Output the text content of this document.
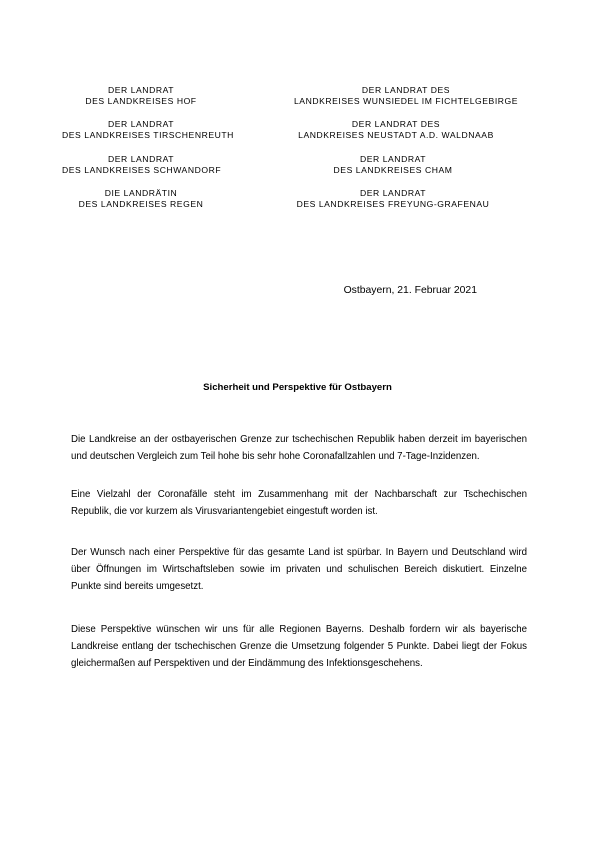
DER LANDRAT
DES LANDKREISES HOF
DER LANDRAT
DES LANDKREISES TIRSCHENREUTH
DER LANDRAT
DES LANDKREISES SCHWANDORF
DIE LANDRÄTIN
DES LANDKREISES REGEN
DER LANDRAT DES
LANDKREISES WUNSIEDEL IM FICHTELGEBIRGE
DER LANDRAT DES
LANDKREISES NEUSTADT A.D. WALDNAAB
DER LANDRAT
DES LANDKREISES CHAM
DER LANDRAT
DES LANDKREISES FREYUNG-GRAFENAU
Ostbayern, 21. Februar 2021
Sicherheit und Perspektive für Ostbayern

Die Landkreise an der ostbayerischen Grenze zur tschechischen Republik haben derzeit im bayerischen und deutschen Vergleich zum Teil hohe bis sehr hohe Coronafallzahlen und 7-Tage-Inzidenzen.

Eine Vielzahl der Coronafälle steht im Zusammenhang mit der Nachbarschaft zur Tschechischen Republik, die vor kurzem als Virusvariantengebiet eingestuft worden ist.

Der Wunsch nach einer Perspektive für das gesamte Land ist spürbar. In Bayern und Deutschland wird über Öffnungen im Wirtschaftsleben sowie im privaten und schulischen Bereich diskutiert. Einzelne Punkte sind bereits umgesetzt.

Diese Perspektive wünschen wir uns für alle Regionen Bayerns. Deshalb fordern wir als bayerische Landkreise entlang der tschechischen Grenze die Umsetzung folgender 5 Punkte. Dabei liegt der Fokus gleichermaßen auf Perspektiven und der Eindämmung des Infektionsgeschehens.
